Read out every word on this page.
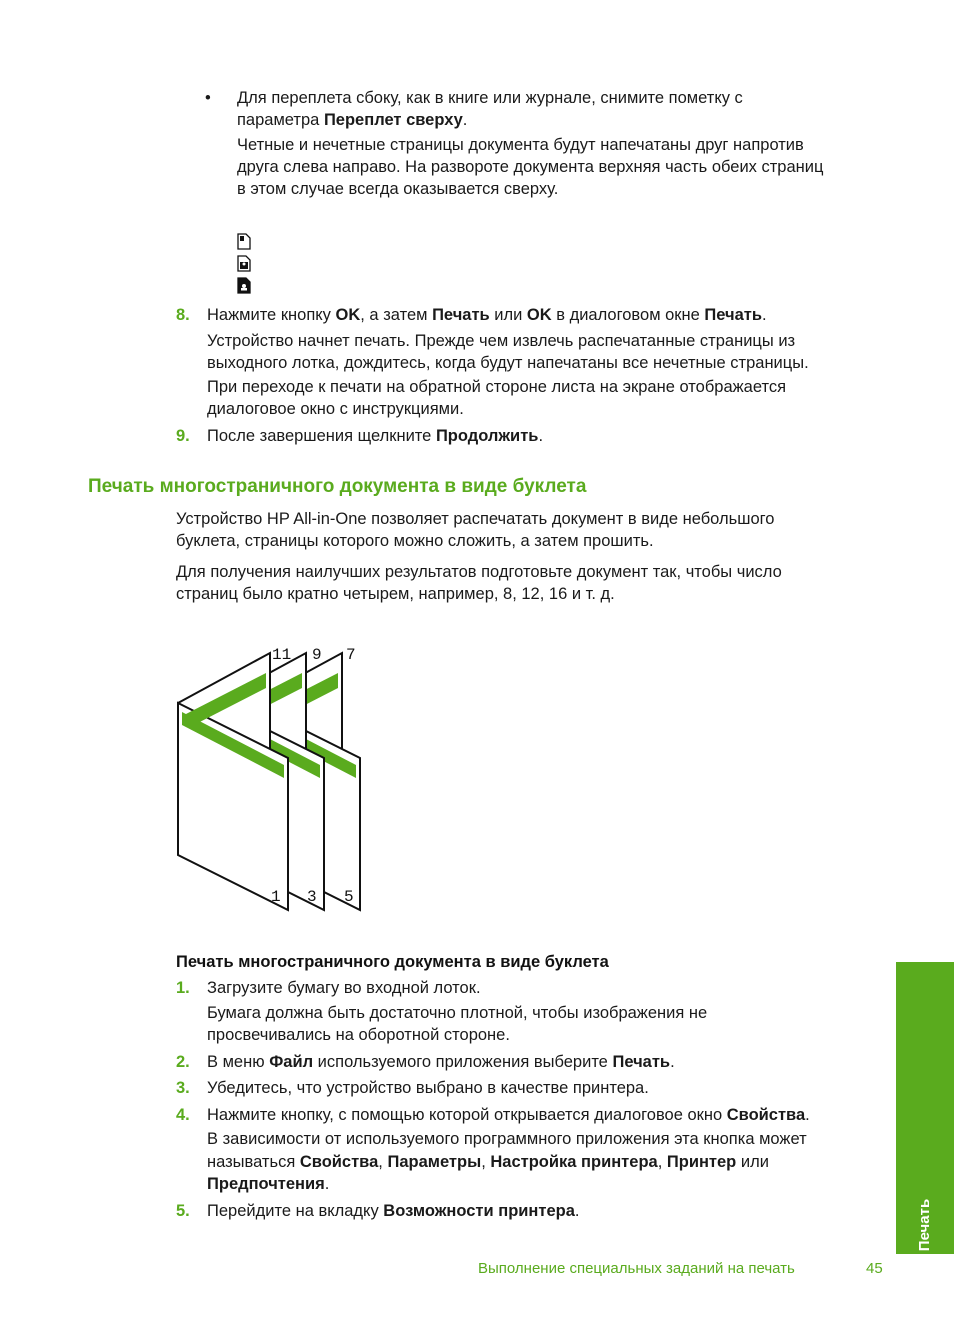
• Для переплета сбоку, как в книге или журнале, снимите пометку с
параметра Переплет сверху.
Четные и нечетные страницы документа будут напечатаны друг напротив
друга слева направо. На развороте документа верхняя часть обеих страниц
в этом случае всегда оказывается сверху.
8. Нажмите кнопку OK, а затем Печать или OK в диалоговом окне Печать.
Устройство начнет печать. Прежде чем извлечь распечатанные страницы из
выходного лотка, дождитесь, когда будут напечатаны все нечетные страницы.
При переходе к печати на обратной стороне листа на экране отображается
диалоговое окно с инструкциями.
9. После завершения щелкните Продолжить.
Печать многостраничного документа в виде буклета
Устройство HP All-in-One позволяет распечатать документ в виде небольшого
буклета, страницы которого можно сложить, а затем прошить.
Для получения наилучших результатов подготовьте документ так, чтобы число
страниц было кратно четырем, например, 8, 12, 16 и т. д.
11 9 7
1 3 5
Печать многостраничного документа в виде буклета
1. Загрузите бумагу во входной лоток.
Бумага должна быть достаточно плотной, чтобы изображения не
просвечивались на оборотной стороне.
2. В меню Файл используемого приложения выберите Печать.
3. Убедитесь, что устройство выбрано в качестве принтера.
4. Нажмите кнопку, с помощью которой открывается диалоговое окно Свойства.
В зависимости от используемого программного приложения эта кнопка может
называться Свойства, Параметры, Настройка принтера, Принтер или
Предпочтения.
5. Перейдите на вкладку Возможности принтера.	Печать
Выполнение специальных заданий на печать	45
